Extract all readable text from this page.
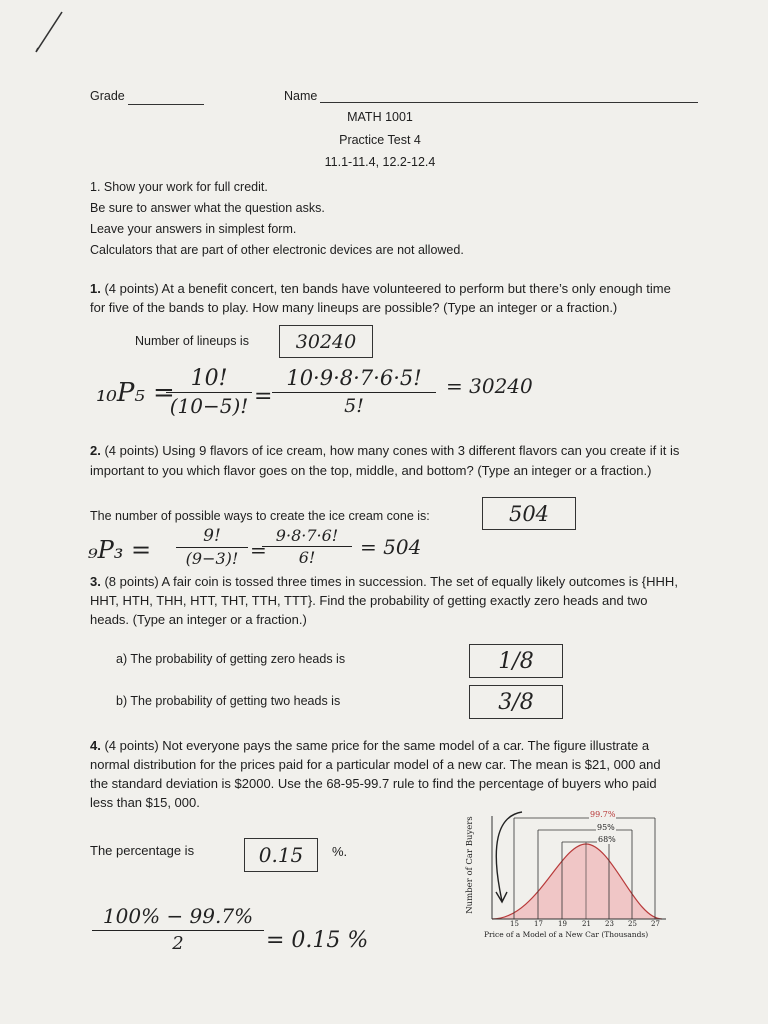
Grade	Name
MATH 1001
Practice Test 4
11.1-11.4, 12.2-12.4
1. Show your work for full credit.
Be sure to answer what the question asks.
Leave your answers in simplest form.
Calculators that are part of other electronic devices are not allowed.
1. (4 points) At a benefit concert, ten bands have volunteered to perform but there’s only enough time for five of the bands to play. How many lineups are possible? (Type an integer or a fraction.)
Number of lineups is 30240
₁₀P₅ = 10!
(10−5)! =
10·9·8·7·6·5!
5!
= 30240
2. (4 points) Using 9 flavors of ice cream, how many cones with 3 different flavors can you create if it is important to you which flavor goes on the top, middle, and bottom? (Type an integer or a fraction.)
The number of possible ways to create the ice cream cone is:	504
₉P₃ =	9!
(9−3)! =
9·8·7·6!
6!	= 504
3. (8 points) A fair coin is tossed three times in succession. The set of equally likely outcomes is {HHH, HHT, HTH, THH, HTT, THT, TTH, TTT}. Find the probability of getting exactly zero heads and two heads. (Type an integer or a fraction.)
a) The probability of getting zero heads is	1/8
b) The probability of getting two heads is	3/8
4. (4 points) Not everyone pays the same price for the same model of a car. The figure illustrate a normal distribution for the prices paid for a particular model of a new car. The mean is $21, 000 and the standard deviation is $2000. Use the 68-95-99.7 rule to find the percentage of buyers who paid less than $15, 000.
The percentage is	0.15 %.
100% − 99.7%
2	= 0.15 %
99.7%
95%
68%
Number of Car Buyers
15 17 19 21 23 25 27
Price of a Model of a New Car (Thousands)
